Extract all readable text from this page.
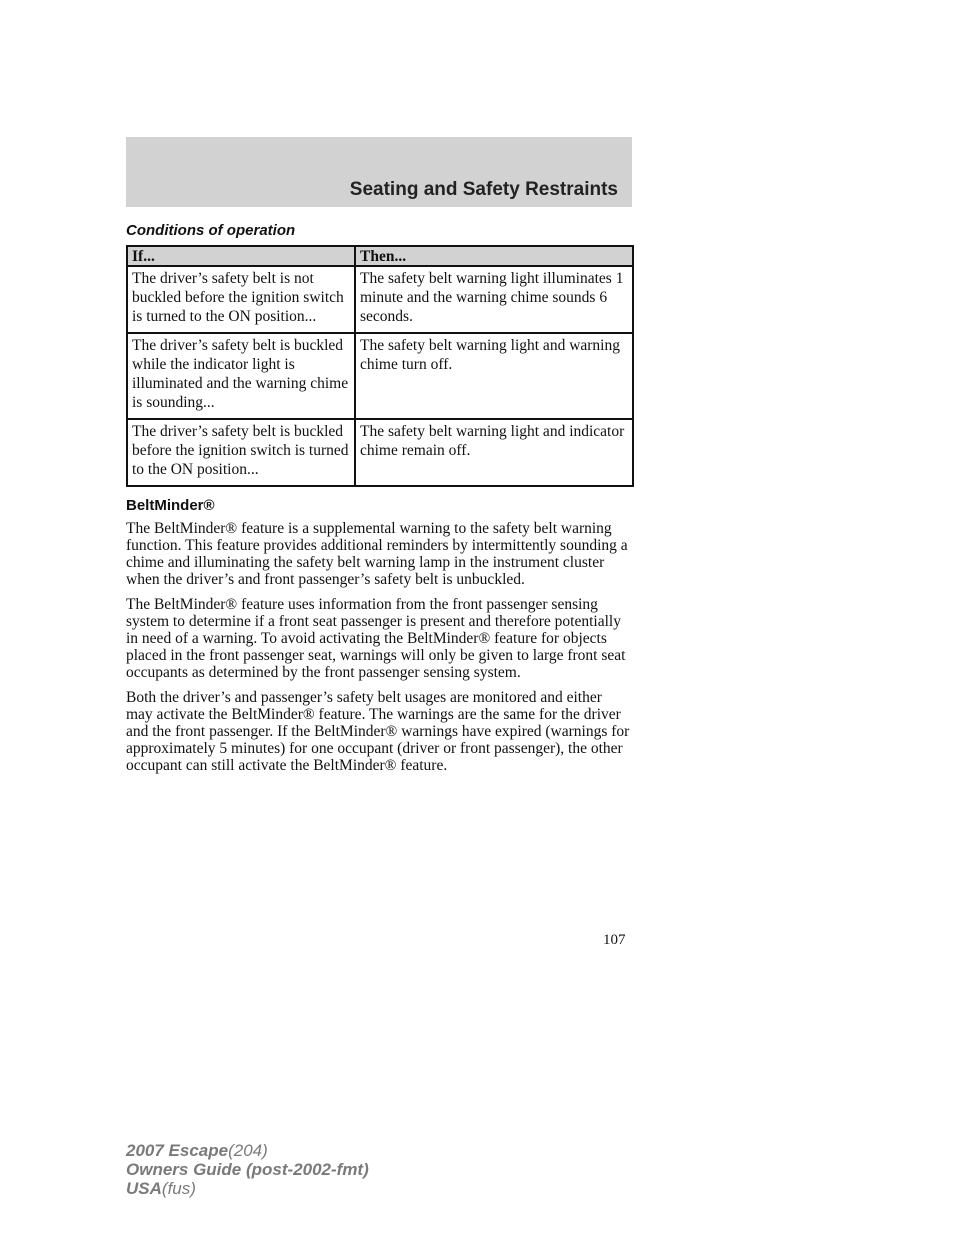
Seating and Safety Restraints
Conditions of operation
If...	Then...
The driver’s safety belt is not buckled before the ignition switch is turned to the ON position...	The safety belt warning light illuminates 1 minute and the warning chime sounds 6 seconds.
The driver’s safety belt is buckled while the indicator light is illuminated and the warning chime is sounding...	The safety belt warning light and warning chime turn off.
The driver’s safety belt is buckled before the ignition switch is turned to the ON position...	The safety belt warning light and indicator chime remain off.
BeltMinder®

The BeltMinder® feature is a supplemental warning to the safety belt warning function. This feature provides additional reminders by intermittently sounding a chime and illuminating the safety belt warning lamp in the instrument cluster when the driver’s and front passenger’s safety belt is unbuckled.

The BeltMinder® feature uses information from the front passenger sensing system to determine if a front seat passenger is present and therefore potentially in need of a warning. To avoid activating the BeltMinder® feature for objects placed in the front passenger seat, warnings will only be given to large front seat occupants as determined by the front passenger sensing system.

Both the driver’s and passenger’s safety belt usages are monitored and either may activate the BeltMinder® feature. The warnings are the same for the driver and the front passenger. If the BeltMinder® warnings have expired (warnings for approximately 5 minutes) for one occupant (driver or front passenger), the other occupant can still activate the BeltMinder® feature.

107
2007 Escape(204)
Owners Guide (post-2002-fmt)
USA(fus)
